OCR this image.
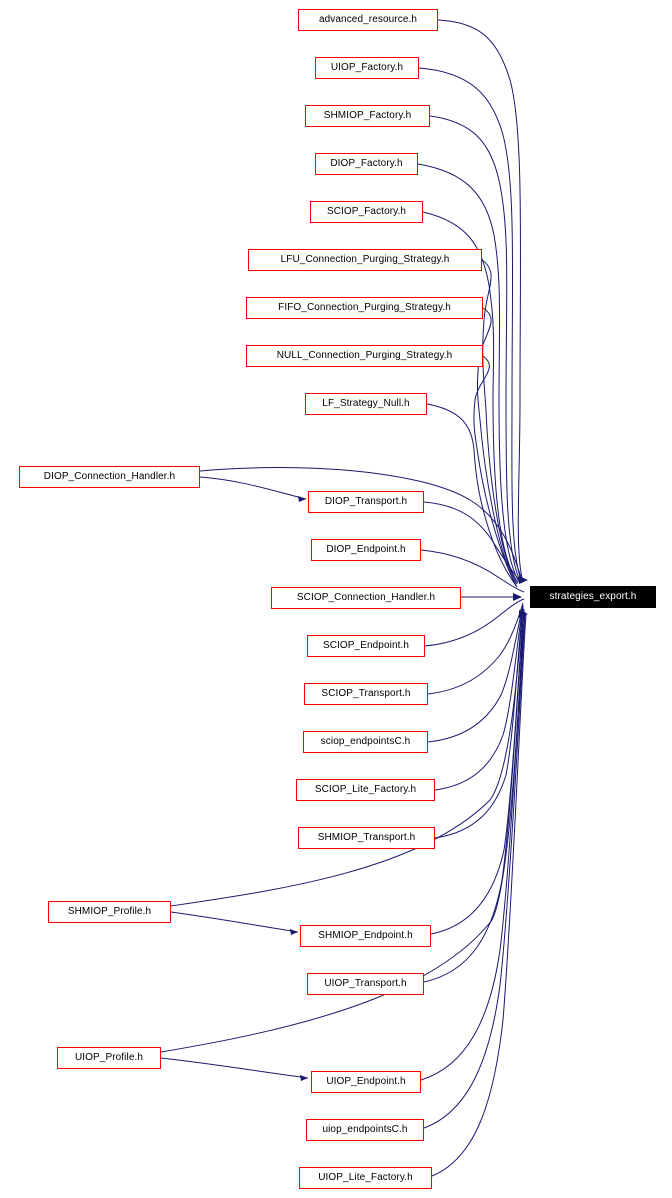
advanced_resource.h
UIOP_Factory.h
SHMIOP_Factory.h
DIOP_Factory.h
SCIOP_Factory.h
LFU_Connection_Purging_Strategy.h
FIFO_Connection_Purging_Strategy.h
NULL_Connection_Purging_Strategy.h
LF_Strategy_Null.h
DIOP_Connection_Handler.h
DIOP_Transport.h
DIOP_Endpoint.h
SCIOP_Connection_Handler.h
SCIOP_Endpoint.h
SCIOP_Transport.h
sciop_endpointsC.h
SCIOP_Lite_Factory.h
SHMIOP_Transport.h
SHMIOP_Profile.h
SHMIOP_Endpoint.h
UIOP_Transport.h
UIOP_Profile.h
UIOP_Endpoint.h
uiop_endpointsC.h
UIOP_Lite_Factory.h
strategies_export.h
